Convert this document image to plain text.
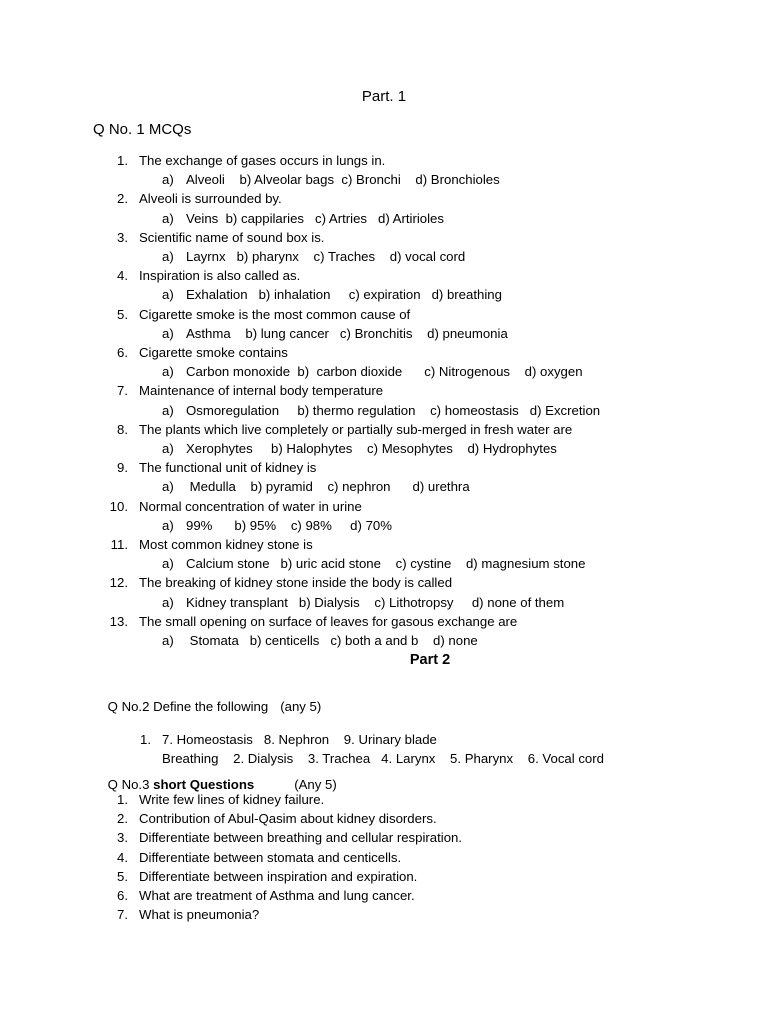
Part. 1
Q No. 1 MCQs
1. The exchange of gases occurs in lungs in.
a) Alveoli    b) Alveolar bags  c) Bronchi    d) Bronchioles
2. Alveoli is surrounded by.
a) Veins  b) cappilaries   c) Artries   d) Artirioles
3. Scientific name of sound box is.
a) Layrnx   b) pharynx    c) Traches    d) vocal cord
4. Inspiration is also called as.
a) Exhalation   b) inhalation     c) expiration   d) breathing
5. Cigarette smoke is the most common cause of
a) Asthma    b) lung cancer   c) Bronchitis    d) pneumonia
6. Cigarette smoke contains
a) Carbon monoxide  b)  carbon dioxide      c) Nitrogenous    d) oxygen
7. Maintenance of internal body temperature
a) Osmoregulation     b) thermo regulation    c) homeostasis   d) Excretion
8. The plants which live completely or partially sub-merged in fresh water are
a) Xerophytes     b) Halophytes    c) Mesophytes    d) Hydrophytes
9. The functional unit of kidney is
a) Medulla    b) pyramid    c) nephron      d) urethra
10. Normal concentration of water in urine
a) 99%      b) 95%    c) 98%     d) 70%
11. Most common kidney stone is
a) Calcium stone   b) uric acid stone    c) cystine    d) magnesium stone
12. The breaking of kidney stone inside the body is called
a) Kidney transplant   b) Dialysis    c) Lithotropsy     d) none of them
13. The small opening on surface of leaves for gasous exchange are
a) Stomata   b) centicells   c) both a and b    d) none
Part 2

Q No.2 Define the following (any 5)

1.

Breathing    2. Dialysis    3. Trachea   4. Larynx    5. Pharynx    6. Vocal cord

7. Homeostasis   8. Nephron    9. Urinary blade

Q No.3 short Questions	(Any 5)

1. Write few lines of kidney failure.
2. Contribution of Abul-Qasim about kidney disorders.
3. Differentiate between breathing and cellular respiration.
4. Differentiate between stomata and centicells.
5. Differentiate between inspiration and expiration.
6. What are treatment of Asthma and lung cancer.
7. What is pneumonia?
